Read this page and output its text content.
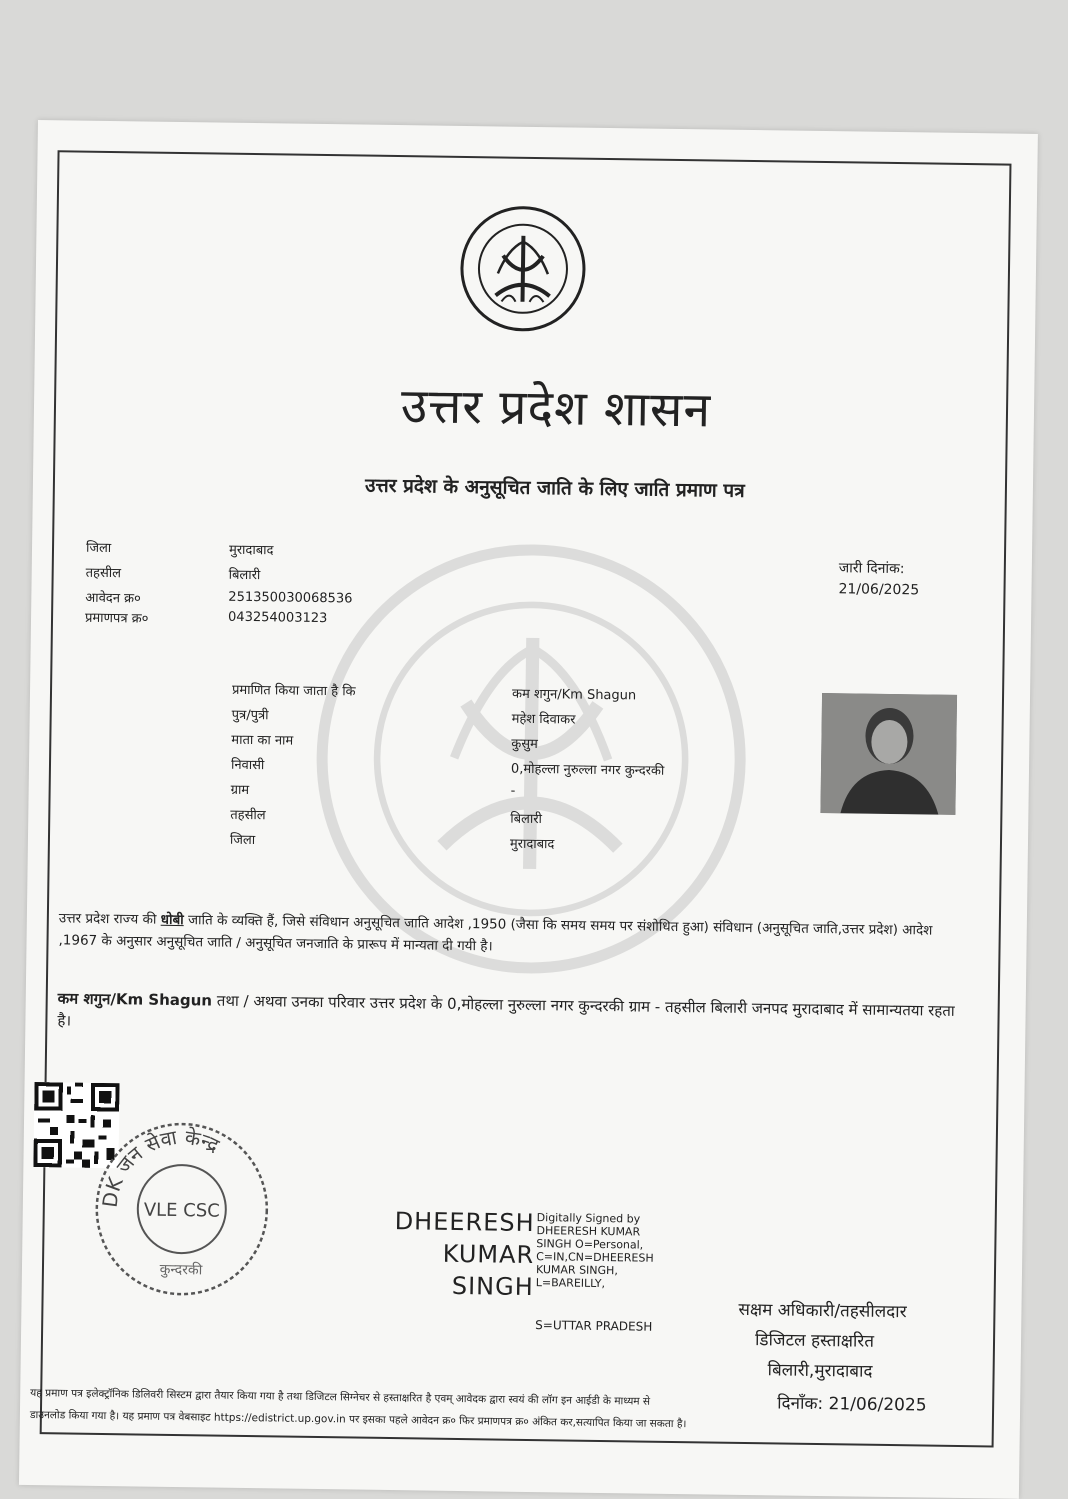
उत्तर प्रदेश शासन
उत्तर प्रदेश के अनुसूचित जाति के लिए जाति प्रमाण पत्र
जिला	मुरादाबाद
तहसील	बिलारी
आवेदन क्र०	251350030068536
प्रमाणपत्र क्र०	043254003123
जारी दिनांक:
21/06/2025
प्रमाणित किया जाता है कि	कम शगुन/Km Shagun
पुत्र/पुत्री	महेश दिवाकर
माता का नाम	कुसुम
निवासी	0,मोहल्ला नुरुल्ला नगर कुन्दरकी
ग्राम	-
तहसील	बिलारी
जिला	मुरादाबाद
उत्तर प्रदेश राज्य की धोबी जाति के व्यक्ति हैं, जिसे संविधान अनुसूचित जाति आदेश ,1950 (जैसा कि समय समय पर संशोधित हुआ) संविधान (अनुसूचित जाति,उत्तर प्रदेश) आदेश ,1967 के अनुसार अनुसूचित जाति / अनुसूचित जनजाति के प्रारूप में मान्यता दी गयी है।
कम शगुन/Km Shagun तथा / अथवा उनका परिवार उत्तर प्रदेश के 0,मोहल्ला नुरुल्ला नगर कुन्दरकी ग्राम - तहसील बिलारी जनपद मुरादाबाद में सामान्यतया रहता है।
DK जन सेवा केन्द्र
VLE CSC
कुन्दरकी
DHEERESH
KUMAR
SINGH
Digitally Signed by
DHEERESH KUMAR
SINGH O=Personal,
C=IN,CN=DHEERESH
KUMAR SINGH,
L=BAREILLY,
S=UTTAR PRADESH
सक्षम अधिकारी/तहसीलदार
डिजिटल हस्ताक्षरित
बिलारी,मुरादाबाद
दिनाँक: 21/06/2025
यह प्रमाण पत्र इलेक्ट्रॉनिक डिलिवरी सिस्टम द्वारा तैयार किया गया है तथा डिजिटल सिग्नेचर से हस्ताक्षरित है एवम् आवेदक द्वारा स्वयं की लॉग इन आईडी के माध्यम से
डाउनलोड किया गया है। यह प्रमाण पत्र वेबसाइट https://edistrict.up.gov.in पर इसका पहले आवेदन क्र० फिर प्रमाणपत्र क्र० अंकित कर,सत्यापित किया जा सकता है।
